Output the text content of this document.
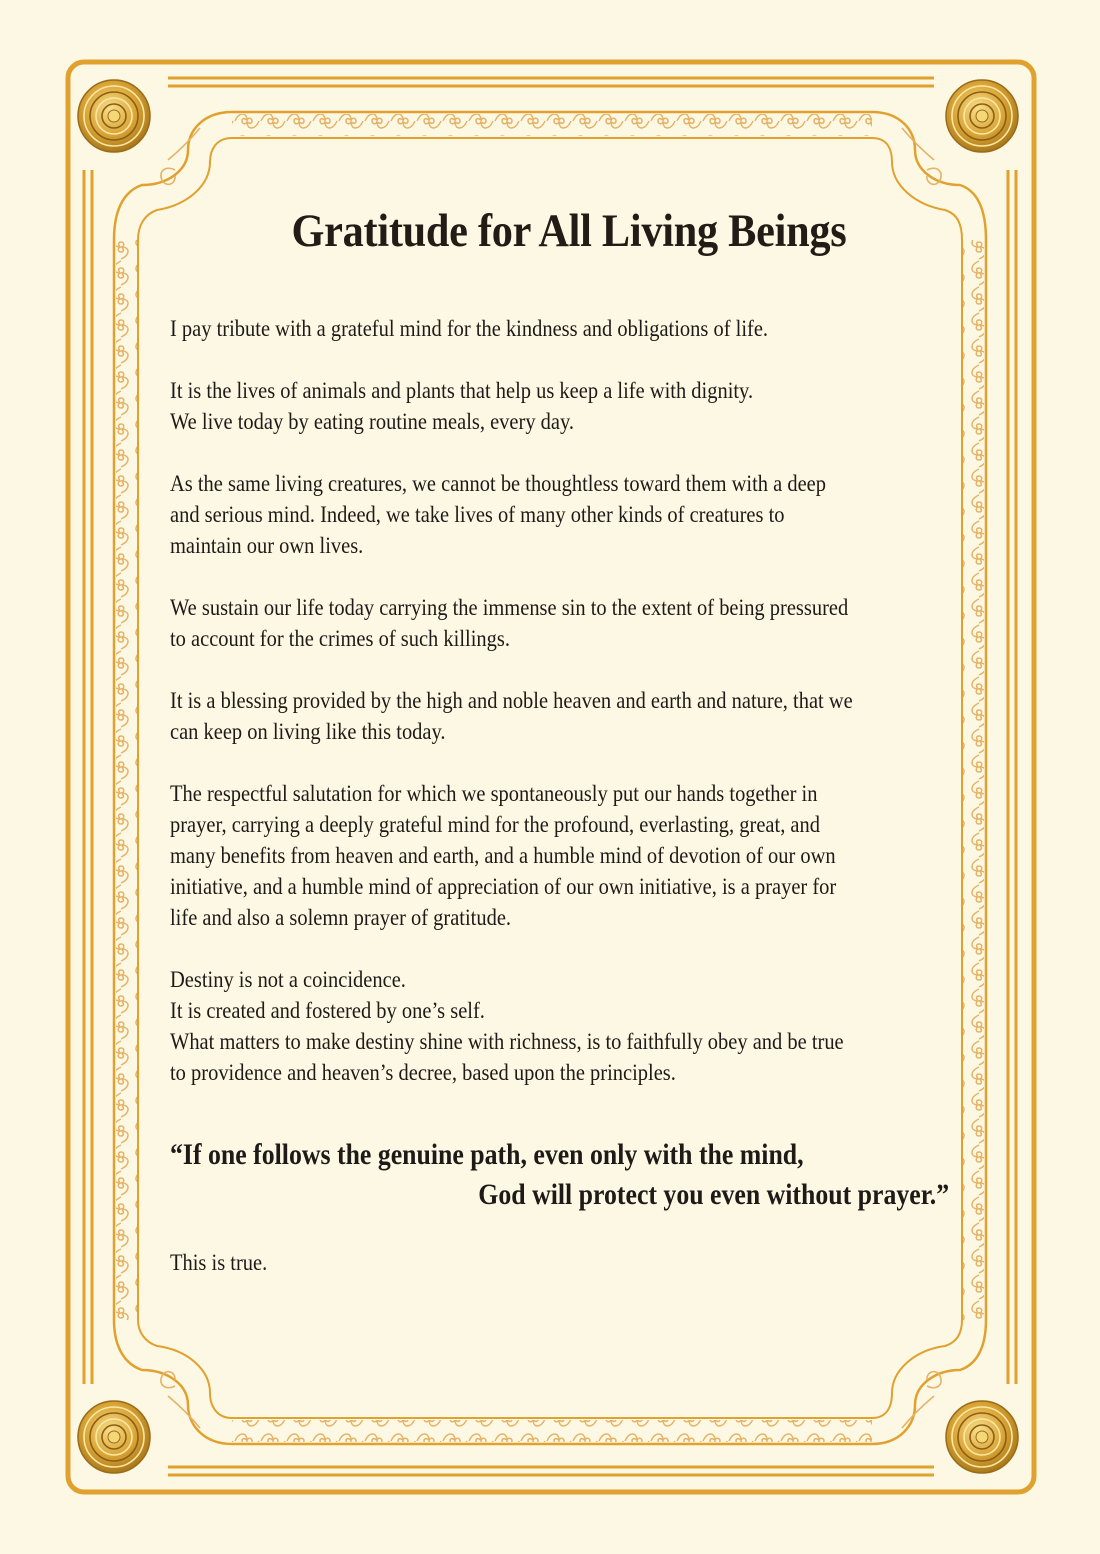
Gratitude for All Living Beings

I pay tribute with a grateful mind for the kindness and obligations of life.

It is the lives of animals and plants that help us keep a life with dignity.
We live today by eating routine meals, every day.

As the same living creatures, we cannot be thoughtless toward them with a deep
and serious mind. Indeed, we take lives of many other kinds of creatures to
maintain our own lives.

We sustain our life today carrying the immense sin to the extent of being pressured
to account for the crimes of such killings.

It is a blessing provided by the high and noble heaven and earth and nature, that we
can keep on living like this today.

The respectful salutation for which we spontaneously put our hands together in
prayer, carrying a deeply grateful mind for the profound, everlasting, great, and
many benefits from heaven and earth, and a humble mind of devotion of our own
initiative, and a humble mind of appreciation of our own initiative, is a prayer for
life and also a solemn prayer of gratitude.

Destiny is not a coincidence.
It is created and fostered by one’s self.
What matters to make destiny shine with richness, is to faithfully obey and be true
to providence and heaven’s decree, based upon the principles.

“If one follows the genuine path, even only with the mind,
God will protect you even without prayer.”
This is true.
